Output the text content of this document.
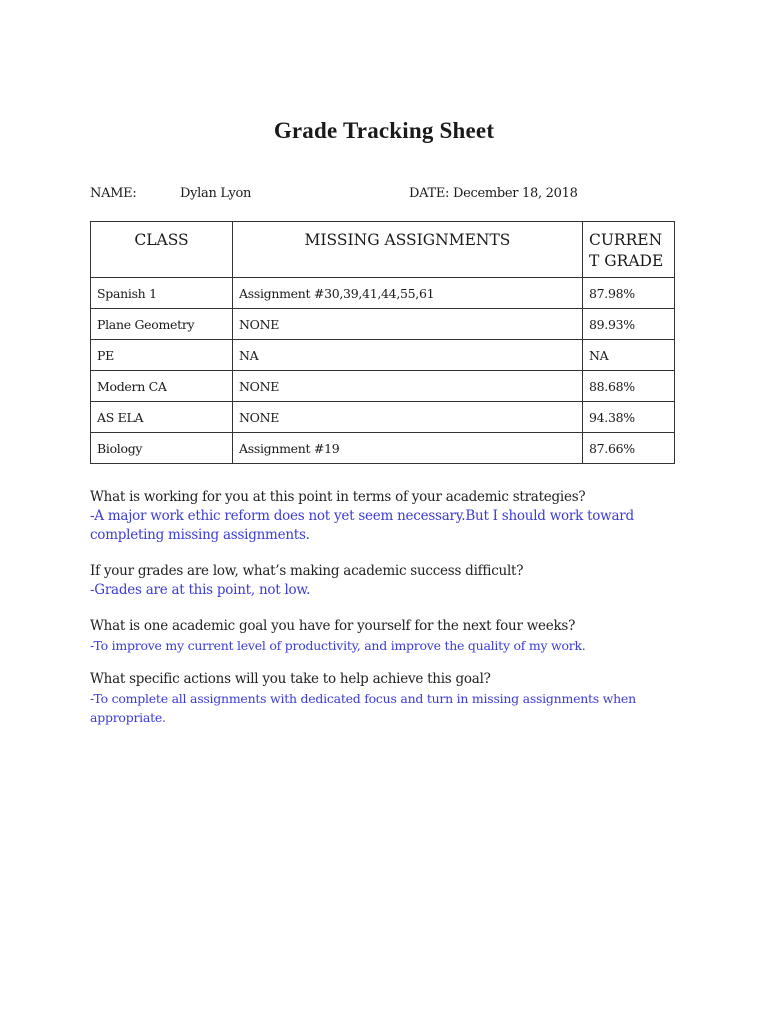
Grade Tracking Sheet
NAME:	Dylan Lyon	DATE: December 18, 2018
CLASS	MISSING ASSIGNMENTS	CURRENT GRADE
Spanish 1	Assignment #30,39,41,44,55,61	87.98%
Plane Geometry	NONE	89.93%
PE	NA	NA
Modern CA	NONE	88.68%
AS ELA	NONE	94.38%
Biology	Assignment #19	87.66%
What is working for you at this point in terms of your academic strategies?
-A major work ethic reform does not yet seem necessary.But I should work toward completing missing assignments.
If your grades are low, what’s making academic success difficult?
-Grades are at this point, not low.
What is one academic goal you have for yourself for the next four weeks?
-To improve my current level of productivity, and improve the quality of my work.
What specific actions will you take to help achieve this goal?
-To complete all assignments with dedicated focus and turn in missing assignments when appropriate.
